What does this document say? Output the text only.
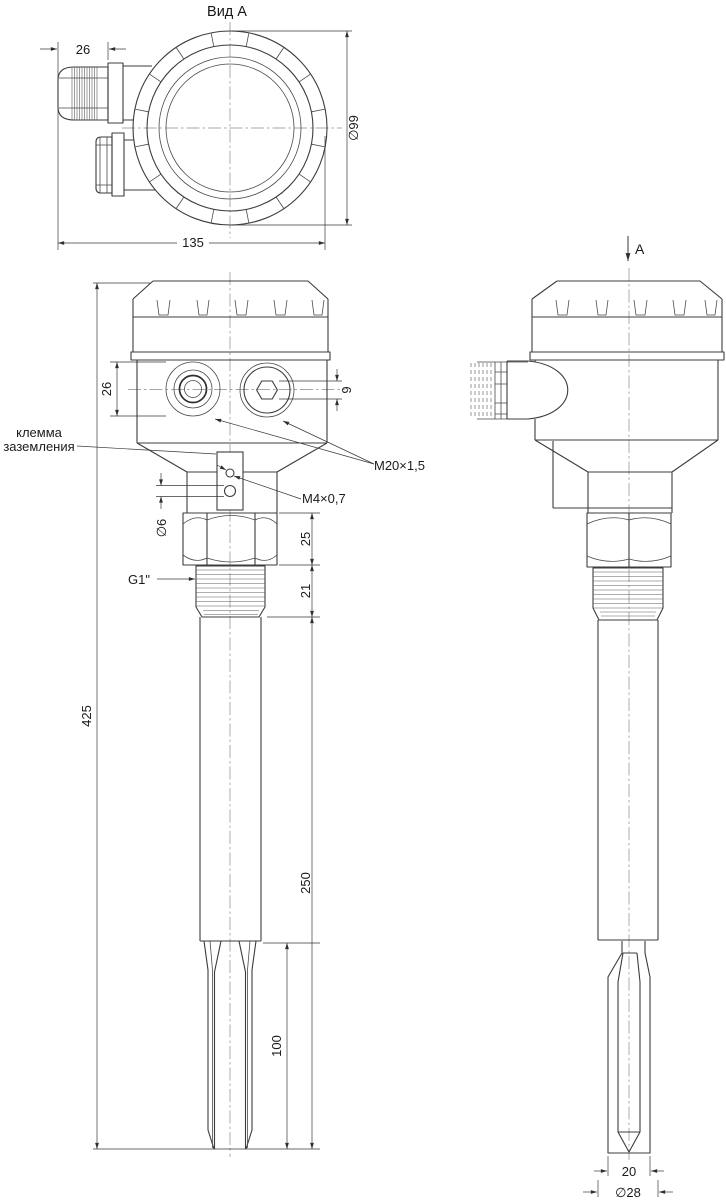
Вид А
26
135
∅99
клемма
заземления
M20×1,5
M4×0,7
G1"
26	9
∅6
25
21
250
425
100
A
20
∅28
